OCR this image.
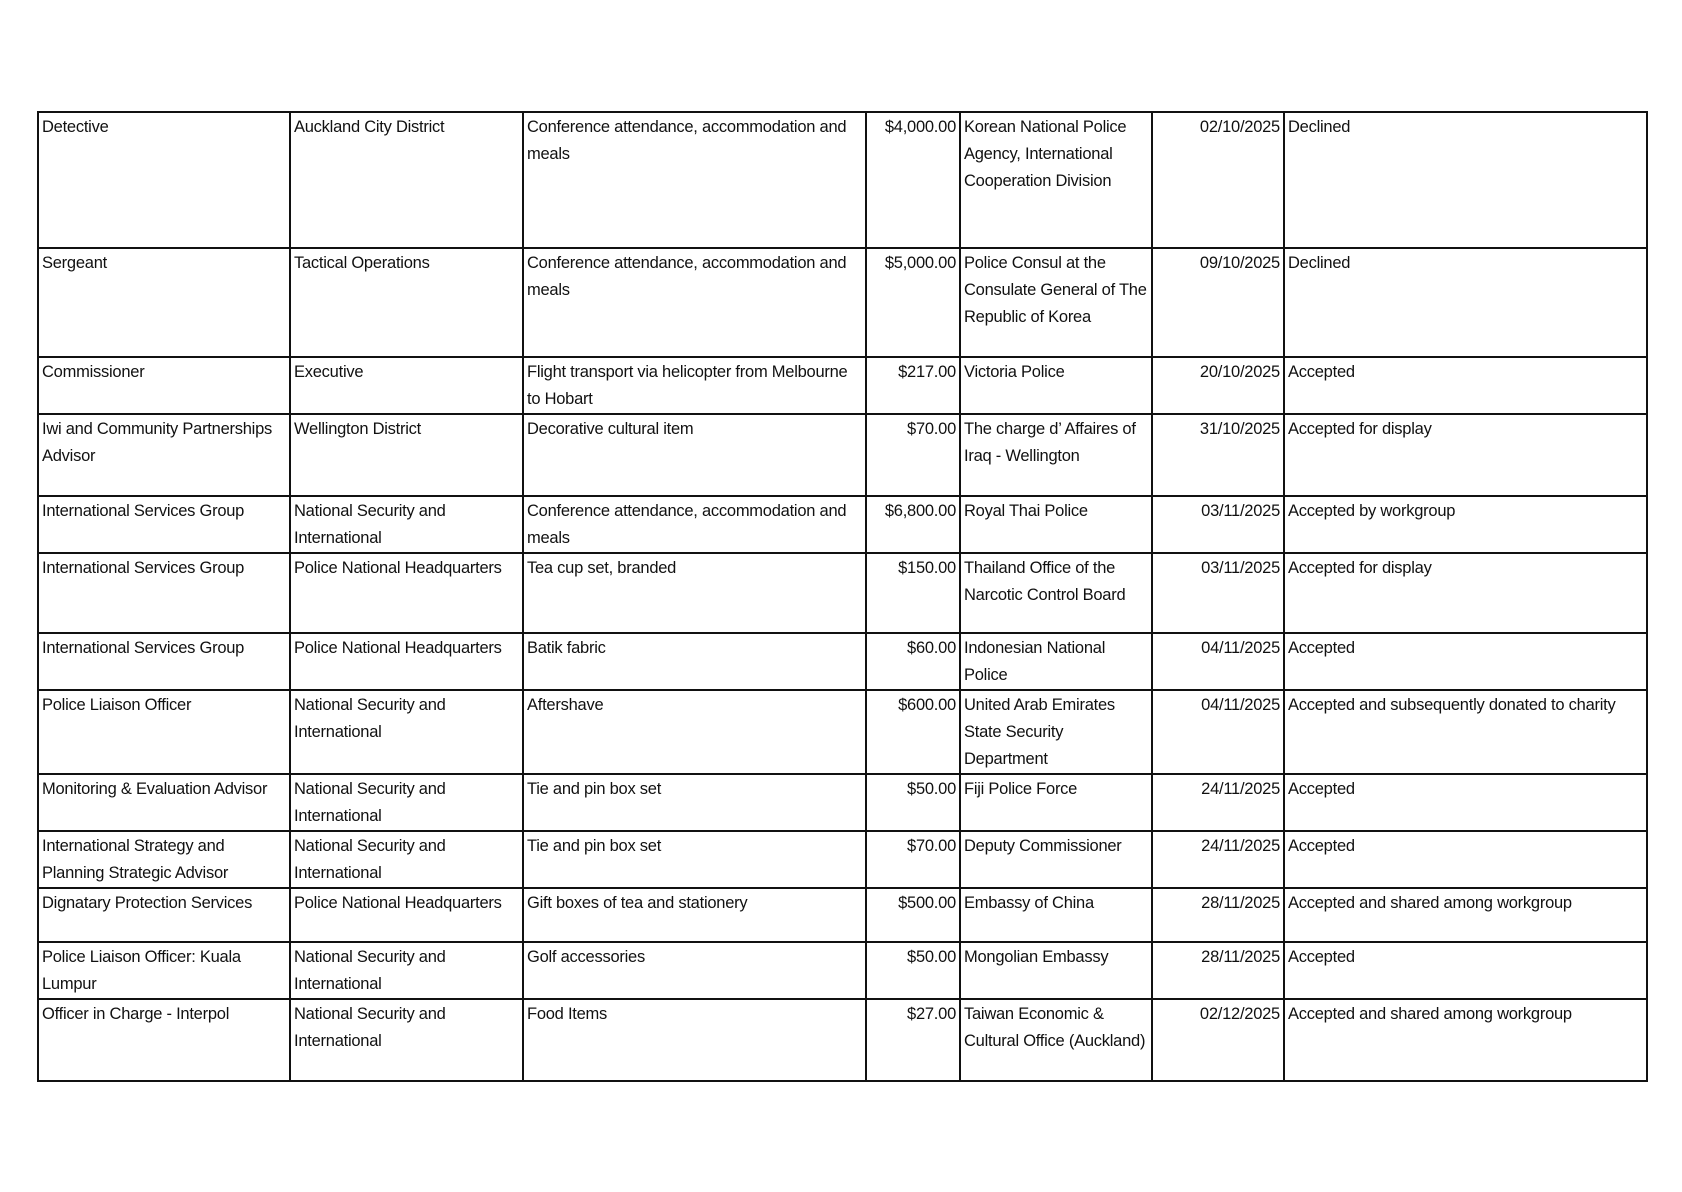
Detective	Auckland City District	Conference attendance, accommodation and meals	$4,000.00	Korean National Police Agency, International Cooperation Division	02/10/2025	Declined
Sergeant	Tactical Operations	Conference attendance, accommodation and meals	$5,000.00	Police Consul at the Consulate General of The Republic of Korea	09/10/2025	Declined
Commissioner	Executive	Flight transport via helicopter from Melbourne to Hobart	$217.00	Victoria Police	20/10/2025	Accepted
Iwi and Community Partnerships Advisor	Wellington District	Decorative cultural item	$70.00	The charge d’ Affaires of Iraq - Wellington	31/10/2025	Accepted for display
International Services Group	National Security and International	Conference attendance, accommodation and meals	$6,800.00	Royal Thai Police	03/11/2025	Accepted by workgroup
International Services Group	Police National Headquarters	Tea cup set, branded	$150.00	Thailand Office of the Narcotic Control Board	03/11/2025	Accepted for display
International Services Group	Police National Headquarters	Batik fabric	$60.00	Indonesian National Police	04/11/2025	Accepted
Police Liaison Officer	National Security and International	Aftershave	$600.00	United Arab Emirates State Security Department	04/11/2025	Accepted and subsequently donated to charity
Monitoring & Evaluation Advisor	National Security and International	Tie and pin box set	$50.00	Fiji Police Force	24/11/2025	Accepted
International Strategy and Planning Strategic Advisor	National Security and International	Tie and pin box set	$70.00	Deputy Commissioner	24/11/2025	Accepted
Dignatary Protection Services	Police National Headquarters	Gift boxes of tea and stationery	$500.00	Embassy of China	28/11/2025	Accepted and shared among workgroup
Police Liaison Officer: Kuala Lumpur	National Security and International	Golf accessories	$50.00	Mongolian Embassy	28/11/2025	Accepted
Officer in Charge - Interpol	National Security and International	Food Items	$27.00	Taiwan Economic & Cultural Office (Auckland)	02/12/2025	Accepted and shared among workgroup
